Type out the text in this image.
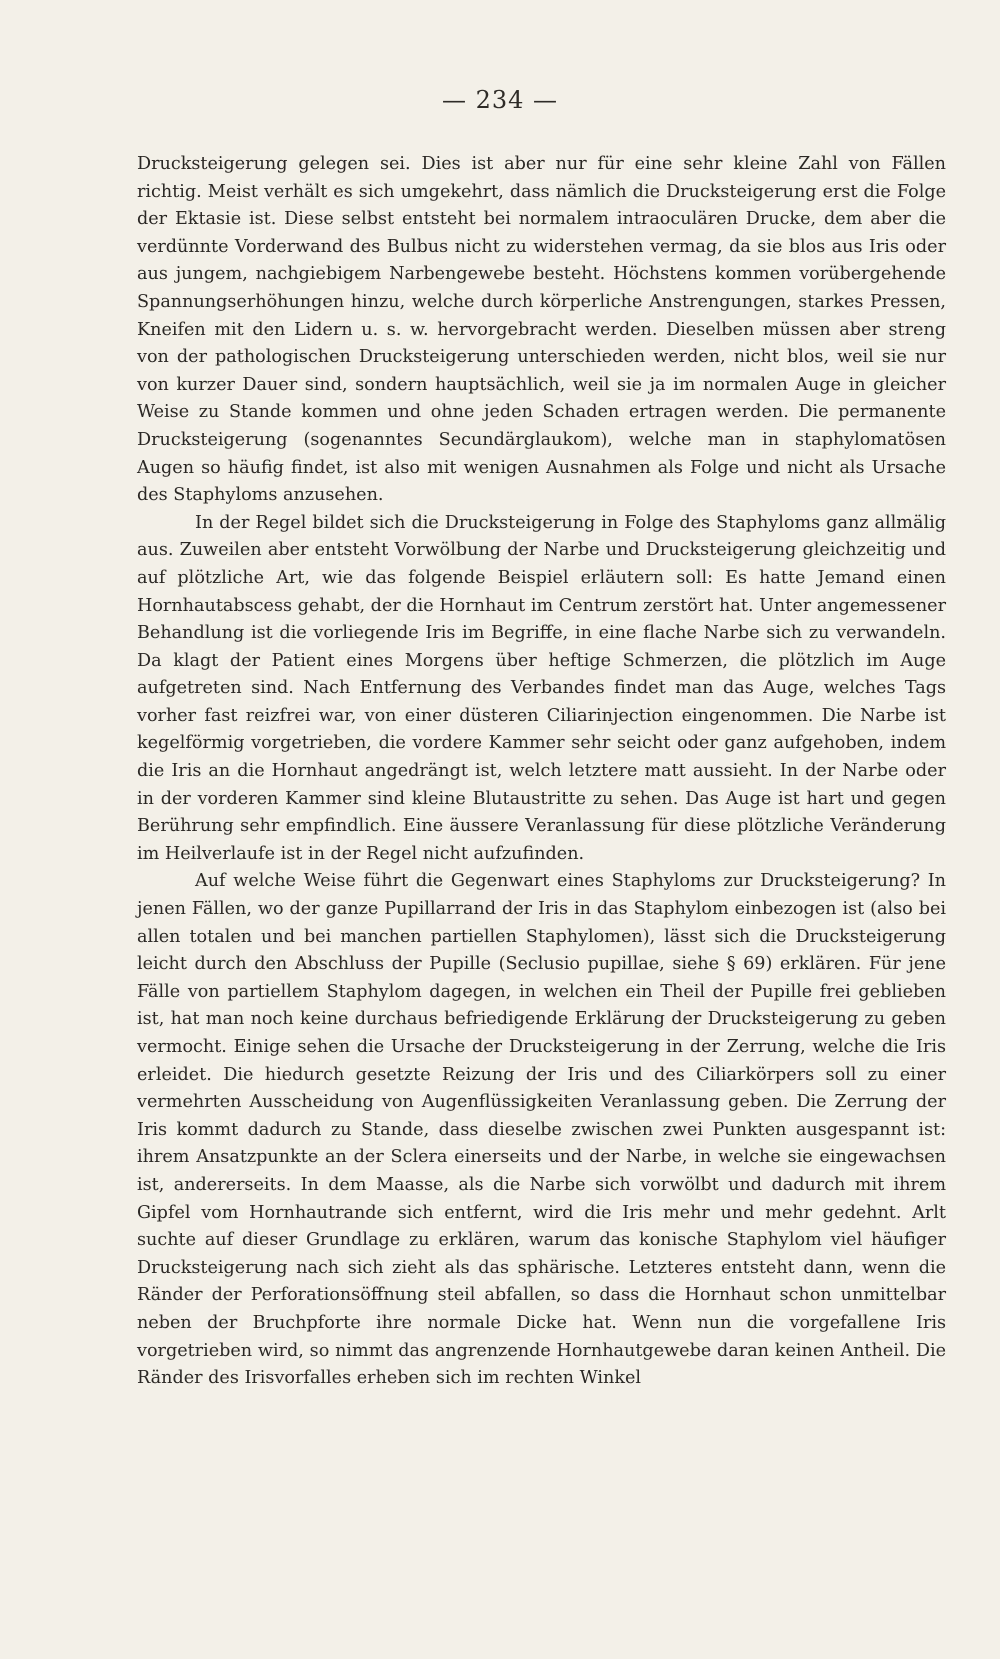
— 234 —

Drucksteigerung gelegen sei. Dies ist aber nur für eine sehr kleine Zahl von Fällen richtig. Meist verhält es sich umgekehrt, dass nämlich die Drucksteigerung erst die Folge der Ektasie ist. Diese selbst entsteht bei normalem intraoculären Drucke, dem aber die verdünnte Vorderwand des Bulbus nicht zu widerstehen vermag, da sie blos aus Iris oder aus jungem, nachgiebigem Narbengewebe besteht. Höchstens kommen vorübergehende Spannungserhöhungen hinzu, welche durch körperliche Anstrengungen, starkes Pressen, Kneifen mit den Lidern u. s. w. hervorgebracht werden. Dieselben müssen aber streng von der pathologischen Drucksteigerung unterschieden werden, nicht blos, weil sie nur von kurzer Dauer sind, sondern hauptsächlich, weil sie ja im normalen Auge in gleicher Weise zu Stande kommen und ohne jeden Schaden ertragen werden. Die permanente Drucksteigerung (sogenanntes Secundärglaukom), welche man in staphylomatösen Augen so häufig findet, ist also mit wenigen Ausnahmen als Folge und nicht als Ursache des Staphyloms anzusehen.

In der Regel bildet sich die Drucksteigerung in Folge des Staphyloms ganz allmälig aus. Zuweilen aber entsteht Vorwölbung der Narbe und Drucksteigerung gleichzeitig und auf plötzliche Art, wie das folgende Beispiel erläutern soll: Es hatte Jemand einen Hornhautabscess gehabt, der die Hornhaut im Centrum zerstört hat. Unter angemessener Behandlung ist die vorliegende Iris im Begriffe, in eine flache Narbe sich zu verwandeln. Da klagt der Patient eines Morgens über heftige Schmerzen, die plötzlich im Auge aufgetreten sind. Nach Entfernung des Verbandes findet man das Auge, welches Tags vorher fast reizfrei war, von einer düsteren Ciliarinjection eingenommen. Die Narbe ist kegelförmig vorgetrieben, die vordere Kammer sehr seicht oder ganz aufgehoben, indem die Iris an die Hornhaut angedrängt ist, welch letztere matt aussieht. In der Narbe oder in der vorderen Kammer sind kleine Blutaustritte zu sehen. Das Auge ist hart und gegen Berührung sehr empfindlich. Eine äussere Veranlassung für diese plötzliche Veränderung im Heilverlaufe ist in der Regel nicht aufzufinden.

Auf welche Weise führt die Gegenwart eines Staphyloms zur Drucksteigerung? In jenen Fällen, wo der ganze Pupillarrand der Iris in das Staphylom einbezogen ist (also bei allen totalen und bei manchen partiellen Staphylomen), lässt sich die Drucksteigerung leicht durch den Abschluss der Pupille (Seclusio pupillae, siehe § 69) erklären. Für jene Fälle von partiellem Staphylom dagegen, in welchen ein Theil der Pupille frei geblieben ist, hat man noch keine durchaus befriedigende Erklärung der Drucksteigerung zu geben vermocht. Einige sehen die Ursache der Drucksteigerung in der Zerrung, welche die Iris erleidet. Die hiedurch gesetzte Reizung der Iris und des Ciliarkörpers soll zu einer vermehrten Ausscheidung von Augenflüssigkeiten Veranlassung geben. Die Zerrung der Iris kommt dadurch zu Stande, dass dieselbe zwischen zwei Punkten ausgespannt ist: ihrem Ansatzpunkte an der Sclera einerseits und der Narbe, in welche sie eingewachsen ist, andererseits. In dem Maasse, als die Narbe sich vorwölbt und dadurch mit ihrem Gipfel vom Hornhautrande sich entfernt, wird die Iris mehr und mehr gedehnt. Arlt suchte auf dieser Grundlage zu erklären, warum das konische Staphylom viel häufiger Drucksteigerung nach sich zieht als das sphärische. Letzteres entsteht dann, wenn die Ränder der Perforationsöffnung steil abfallen, so dass die Hornhaut schon unmittelbar neben der Bruchpforte ihre normale Dicke hat. Wenn nun die vorgefallene Iris vorgetrieben wird, so nimmt das angrenzende Hornhautgewebe daran keinen Antheil. Die Ränder des Irisvorfalles erheben sich im rechten Winkel
